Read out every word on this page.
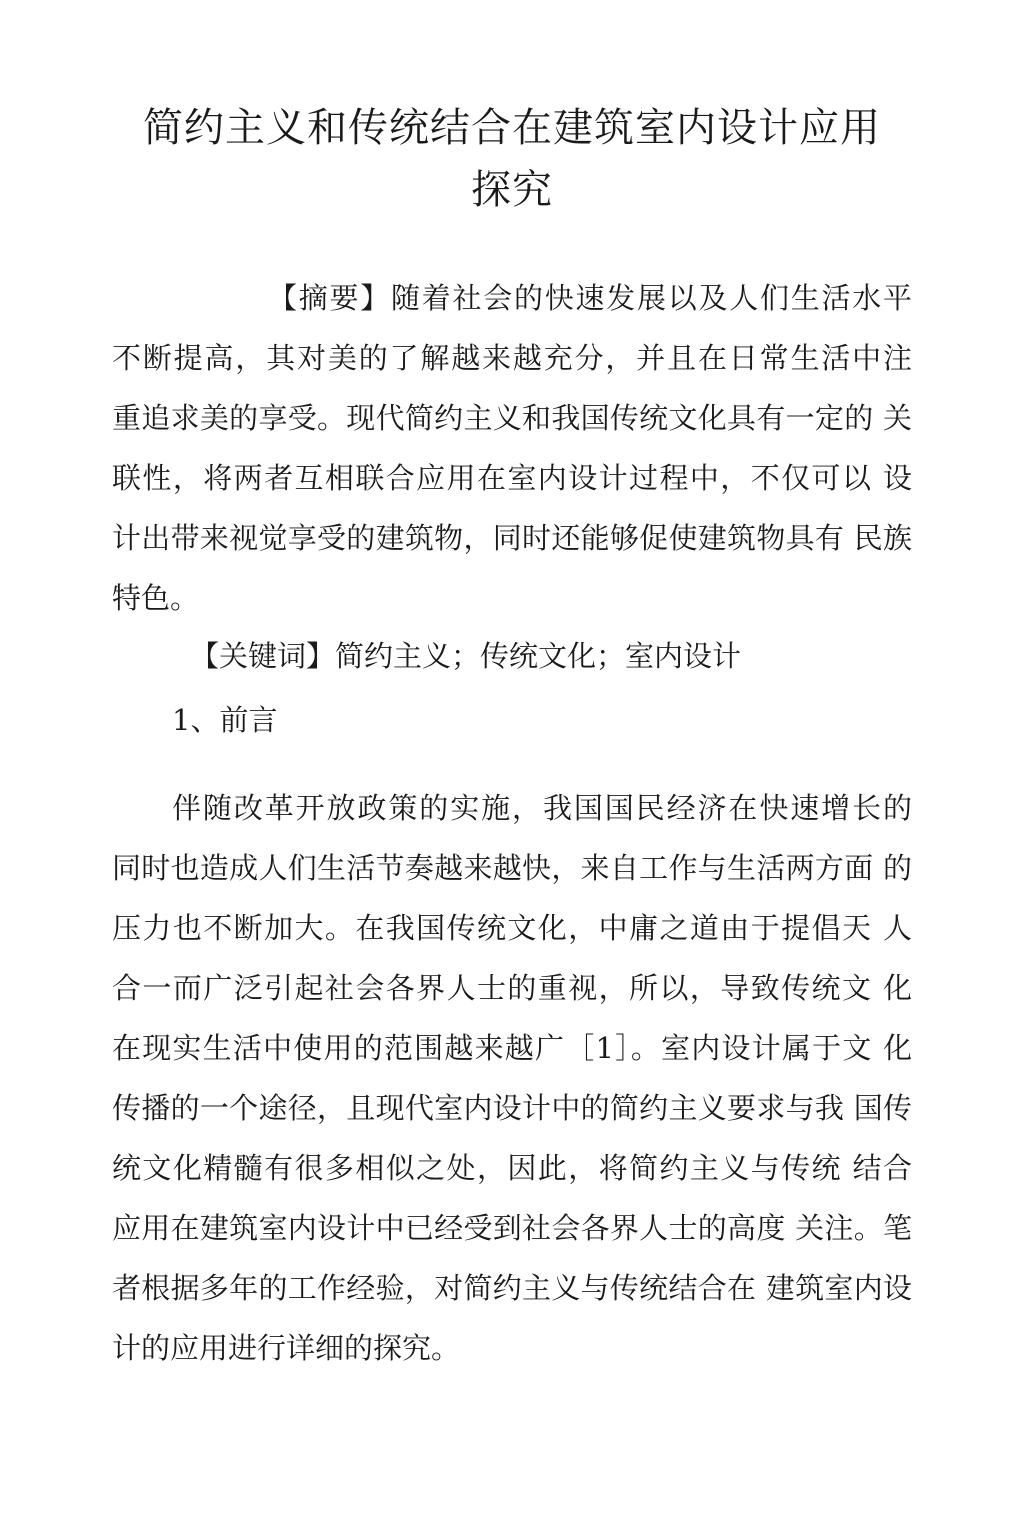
简约主义和传统结合在建筑室内设计应用
探究
【摘要】随着社会的快速发展以及人们生活水平
不断提高，其对美的了解越来越充分，并且在日常生活中注
重追求美的享受。现代简约主义和我国传统文化具有一定的 关
联性，将两者互相联合应用在室内设计过程中，不仅可以 设
计出带来视觉享受的建筑物，同时还能够促使建筑物具有 民族
特色。
【关键词】简约主义；传统文化；室内设计
1、前言
伴随改革开放政策的实施，我国国民经济在快速增长的
同时也造成人们生活节奏越来越快，来自工作与生活两方面 的
压力也不断加大。在我国传统文化，中庸之道由于提倡天 人
合一而广泛引起社会各界人士的重视，所以，导致传统文 化
在现实生活中使用的范围越来越广［1］。室内设计属于文 化
传播的一个途径，且现代室内设计中的简约主义要求与我 国传
统文化精髓有很多相似之处，因此，将简约主义与传统 结合
应用在建筑室内设计中已经受到社会各界人士的高度 关注。笔
者根据多年的工作经验，对简约主义与传统结合在 建筑室内设
计的应用进行详细的探究。
